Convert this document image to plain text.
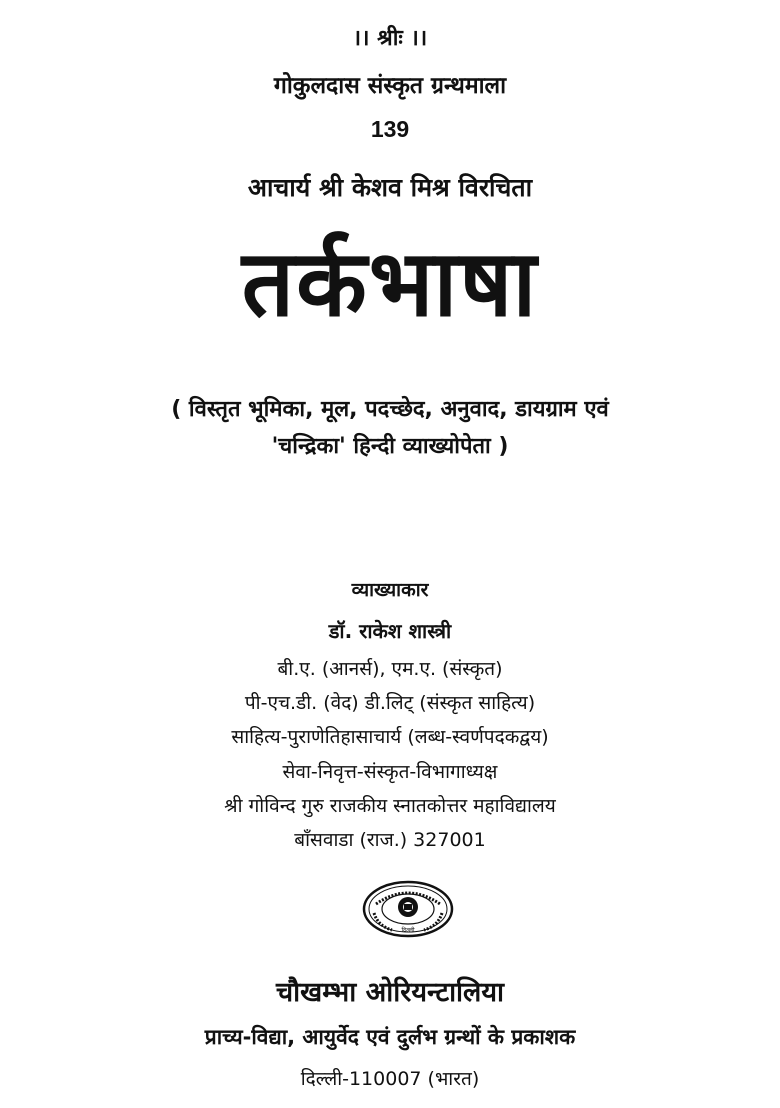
।। श्रीः ।।
गोकुलदास संस्कृत ग्रन्थमाला
139
आचार्य श्री केशव मिश्र विरचिता
तर्कभाषा
( विस्तृत भूमिका, मूल, पदच्छेद, अनुवाद, डायग्राम एवं
'चन्द्रिका' हिन्दी व्याख्योपेता )
व्याख्याकार
डॉ. राकेश शास्त्री
बी.ए. (आनर्स), एम.ए. (संस्कृत)
पी-एच.डी. (वेद) डी.लिट् (संस्कृत साहित्य)
साहित्य-पुराणेतिहासाचार्य (लब्ध-स्वर्णपदकद्वय)
सेवा-निवृत्त-संस्कृत-विभागाध्यक्ष
श्री गोविन्द गुरु राजकीय स्नातकोत्तर महाविद्यालय
बाँसवाडा (राज.) 327001
दिल्ली
चौखम्भा ओरियन्टालिया
प्राच्य-विद्या, आयुर्वेद एवं दुर्लभ ग्रन्थों के प्रकाशक
दिल्ली-110007 (भारत)
